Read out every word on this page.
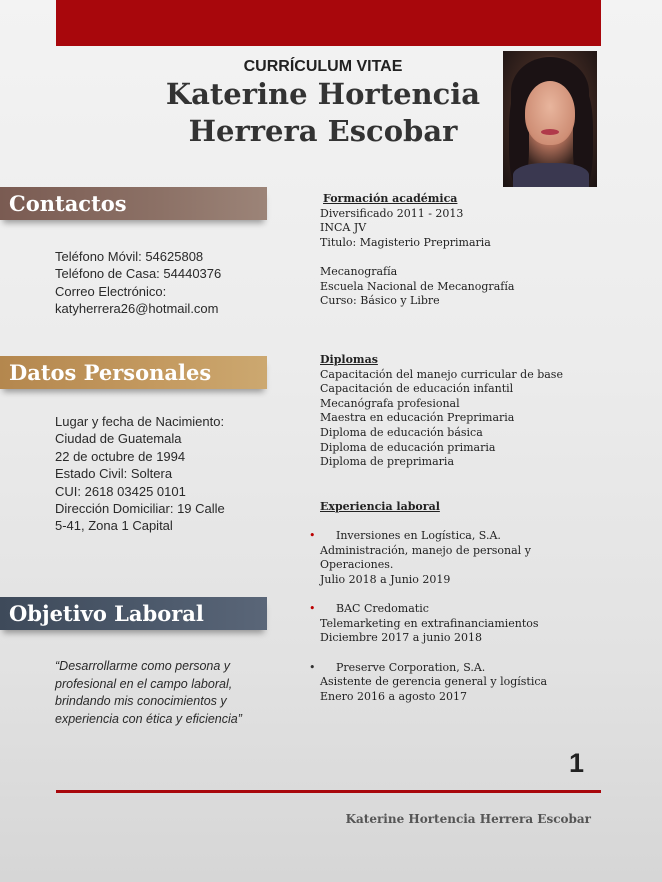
CURRÍCULUM VITAE
Katerine Hortencia
Herrera Escobar
Contactos
Teléfono Móvil: 54625808
Teléfono de Casa: 54440376
Correo Electrónico:
katyherrera26@hotmail.com
Datos Personales
Lugar y fecha de Nacimiento:
Ciudad de Guatemala
22 de octubre de 1994
Estado Civil: Soltera
CUI: 2618 03425 0101
Dirección Domiciliar: 19 Calle
5-41, Zona 1 Capital
Objetivo Laboral
“Desarrollarme como persona y profesional en el campo laboral, brindando mis conocimientos y experiencia con ética y eficiencia”
Formación académica
Diversificado 2011 - 2013
INCA JV
Titulo: Magisterio Preprimaria
Mecanografía
Escuela Nacional de Mecanografía
Curso: Básico y Libre
Diplomas
Capacitación del manejo curricular de base
Capacitación de educación infantil
Mecanógrafa profesional
Maestra en educación Preprimaria
Diploma de educación básica
Diploma de educación primaria
Diploma de preprimaria
Experiencia laboral
•	Inversiones en Logística, S.A.
Administración, manejo de personal y Operaciones.
Julio 2018 a Junio 2019
•	BAC Credomatic
Telemarketing en extrafinanciamientos
Diciembre 2017 a junio 2018
•	Preserve Corporation, S.A.
Asistente de gerencia general y logística
Enero 2016 a agosto 2017
1
Katerine Hortencia Herrera Escobar
